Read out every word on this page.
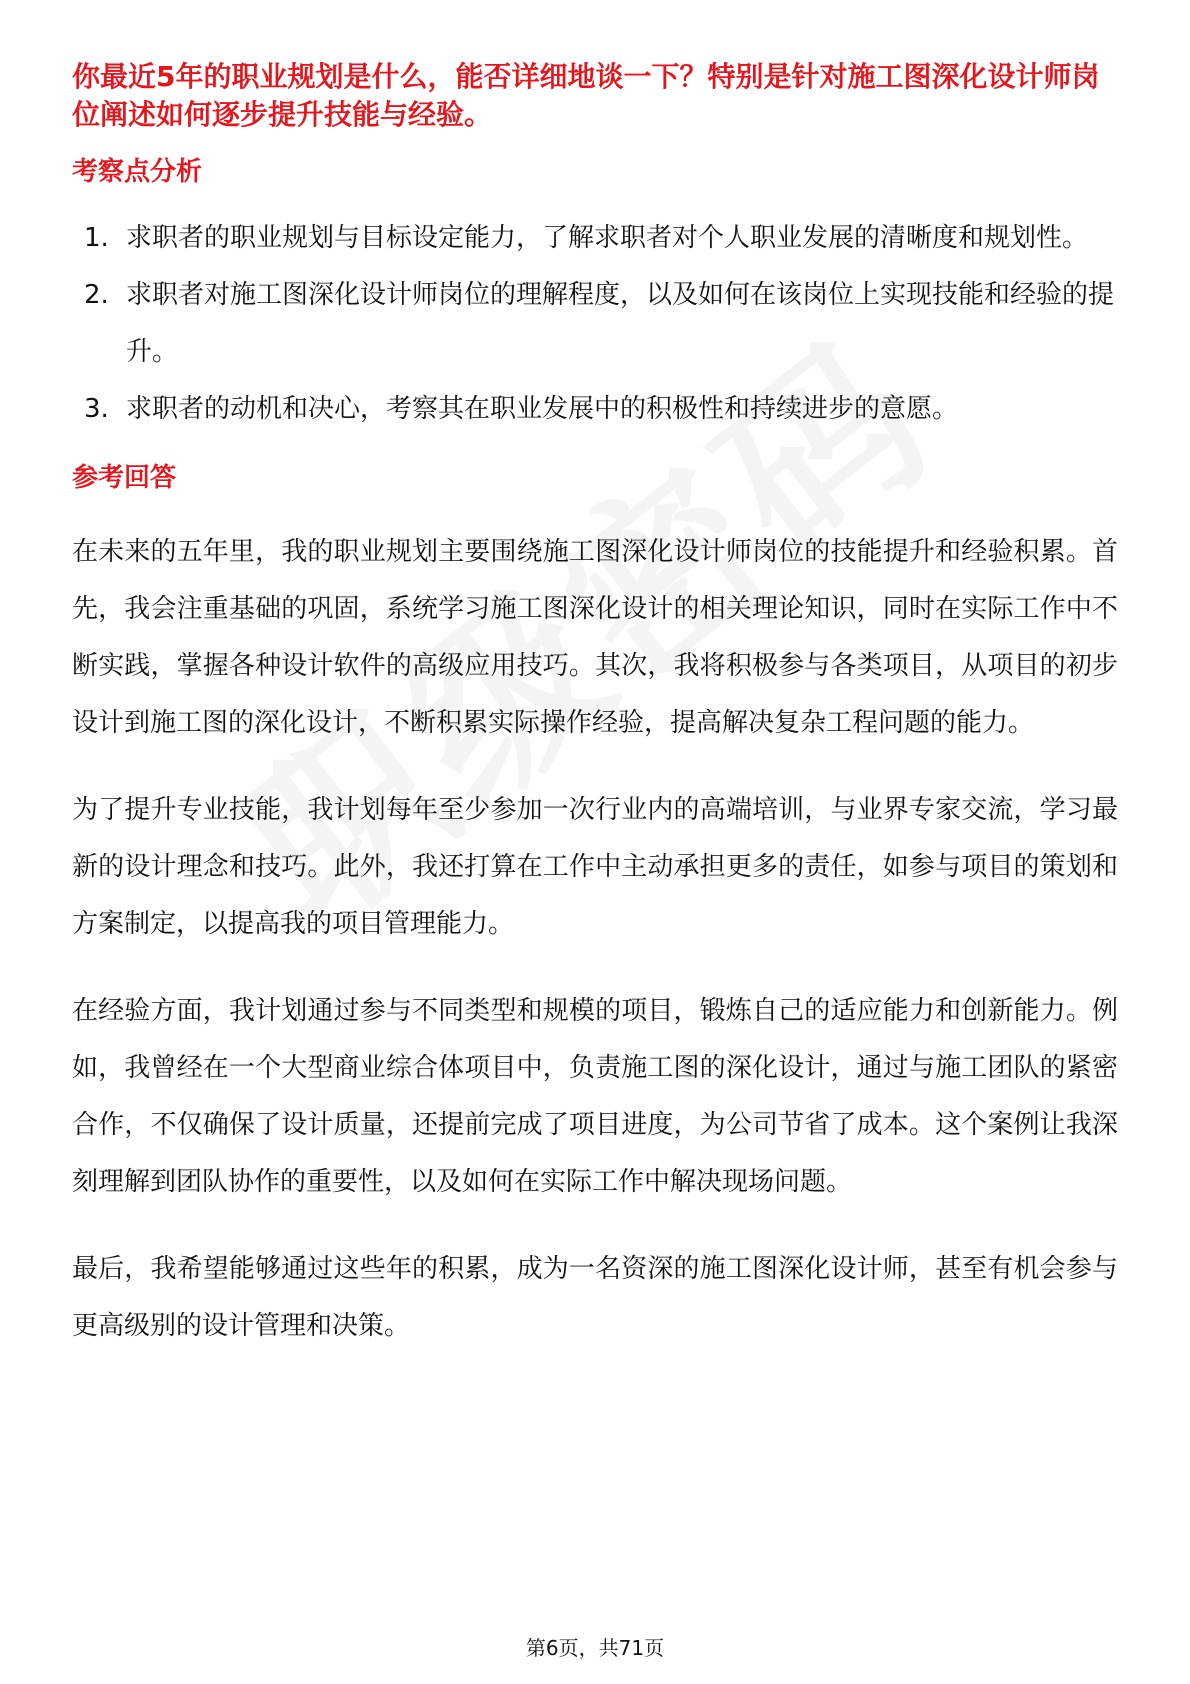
你最近5年的职业规划是什么，能否详细地谈一下？特别是针对施工图深化设计师岗位阐述如何逐步提升技能与经验。

考察点分析
1. 求职者的职业规划与目标设定能力，了解求职者对个人职业发展的清晰度和规划性。
2. 求职者对施工图深化设计师岗位的理解程度，以及如何在该岗位上实现技能和经验的提升。
3. 求职者的动机和决心，考察其在职业发展中的积极性和持续进步的意愿。
参考回答

在未来的五年里，我的职业规划主要围绕施工图深化设计师岗位的技能提升和经验积累。首先，我会注重基础的巩固，系统学习施工图深化设计的相关理论知识，同时在实际工作中不断实践，掌握各种设计软件的高级应用技巧。其次，我将积极参与各类项目，从项目的初步设计到施工图的深化设计，不断积累实际操作经验，提高解决复杂工程问题的能力。

为了提升专业技能，我计划每年至少参加一次行业内的高端培训，与业界专家交流，学习最新的设计理念和技巧。此外，我还打算在工作中主动承担更多的责任，如参与项目的策划和方案制定，以提高我的项目管理能力。

在经验方面，我计划通过参与不同类型和规模的项目，锻炼自己的适应能力和创新能力。例如，我曾经在一个大型商业综合体项目中，负责施工图的深化设计，通过与施工团队的紧密合作，不仅确保了设计质量，还提前完成了项目进度，为公司节省了成本。这个案例让我深刻理解到团队协作的重要性，以及如何在实际工作中解决现场问题。

最后，我希望能够通过这些年的积累，成为一名资深的施工图深化设计师，甚至有机会参与更高级别的设计管理和决策。

第6页，共71页
